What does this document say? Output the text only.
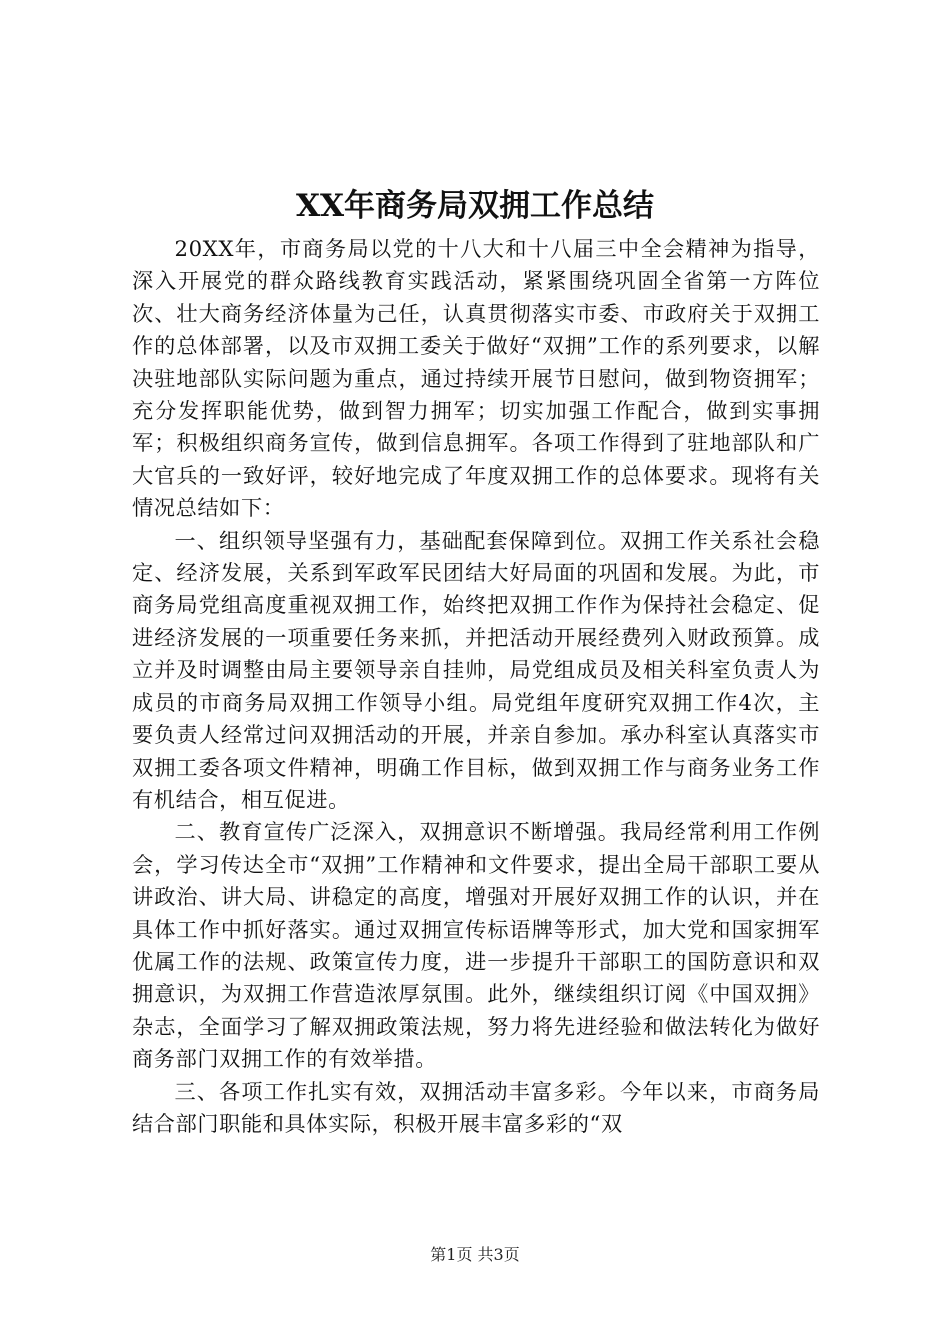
XX年商务局双拥工作总结

20XX年，市商务局以党的十八大和十八届三中全会精神为指导，深入开展党的群众路线教育实践活动，紧紧围绕巩固全省第一方阵位次、壮大商务经济体量为己任，认真贯彻落实市委、市政府关于双拥工作的总体部署，以及市双拥工委关于做好“双拥”工作的系列要求，以解决驻地部队实际问题为重点，通过持续开展节日慰问，做到物资拥军；充分发挥职能优势，做到智力拥军；切实加强工作配合，做到实事拥军；积极组织商务宣传，做到信息拥军。各项工作得到了驻地部队和广大官兵的一致好评，较好地完成了年度双拥工作的总体要求。现将有关情况总结如下：

一、组织领导坚强有力，基础配套保障到位。双拥工作关系社会稳定、经济发展，关系到军政军民团结大好局面的巩固和发展。为此，市商务局党组高度重视双拥工作，始终把双拥工作作为保持社会稳定、促进经济发展的一项重要任务来抓，并把活动开展经费列入财政预算。成立并及时调整由局主要领导亲自挂帅，局党组成员及相关科室负责人为成员的市商务局双拥工作领导小组。局党组年度研究双拥工作4次，主要负责人经常过问双拥活动的开展，并亲自参加。承办科室认真落实市双拥工委各项文件精神，明确工作目标，做到双拥工作与商务业务工作有机结合，相互促进。

二、教育宣传广泛深入，双拥意识不断增强。我局经常利用工作例会，学习传达全市“双拥”工作精神和文件要求，提出全局干部职工要从讲政治、讲大局、讲稳定的高度，增强对开展好双拥工作的认识，并在具体工作中抓好落实。通过双拥宣传标语牌等形式，加大党和国家拥军优属工作的法规、政策宣传力度，进一步提升干部职工的国防意识和双拥意识，为双拥工作营造浓厚氛围。此外，继续组织订阅《中国双拥》杂志，全面学习了解双拥政策法规，努力将先进经验和做法转化为做好商务部门双拥工作的有效举措。

三、各项工作扎实有效，双拥活动丰富多彩。今年以来，市商务局结合部门职能和具体实际，积极开展丰富多彩的“双

第1页 共3页
